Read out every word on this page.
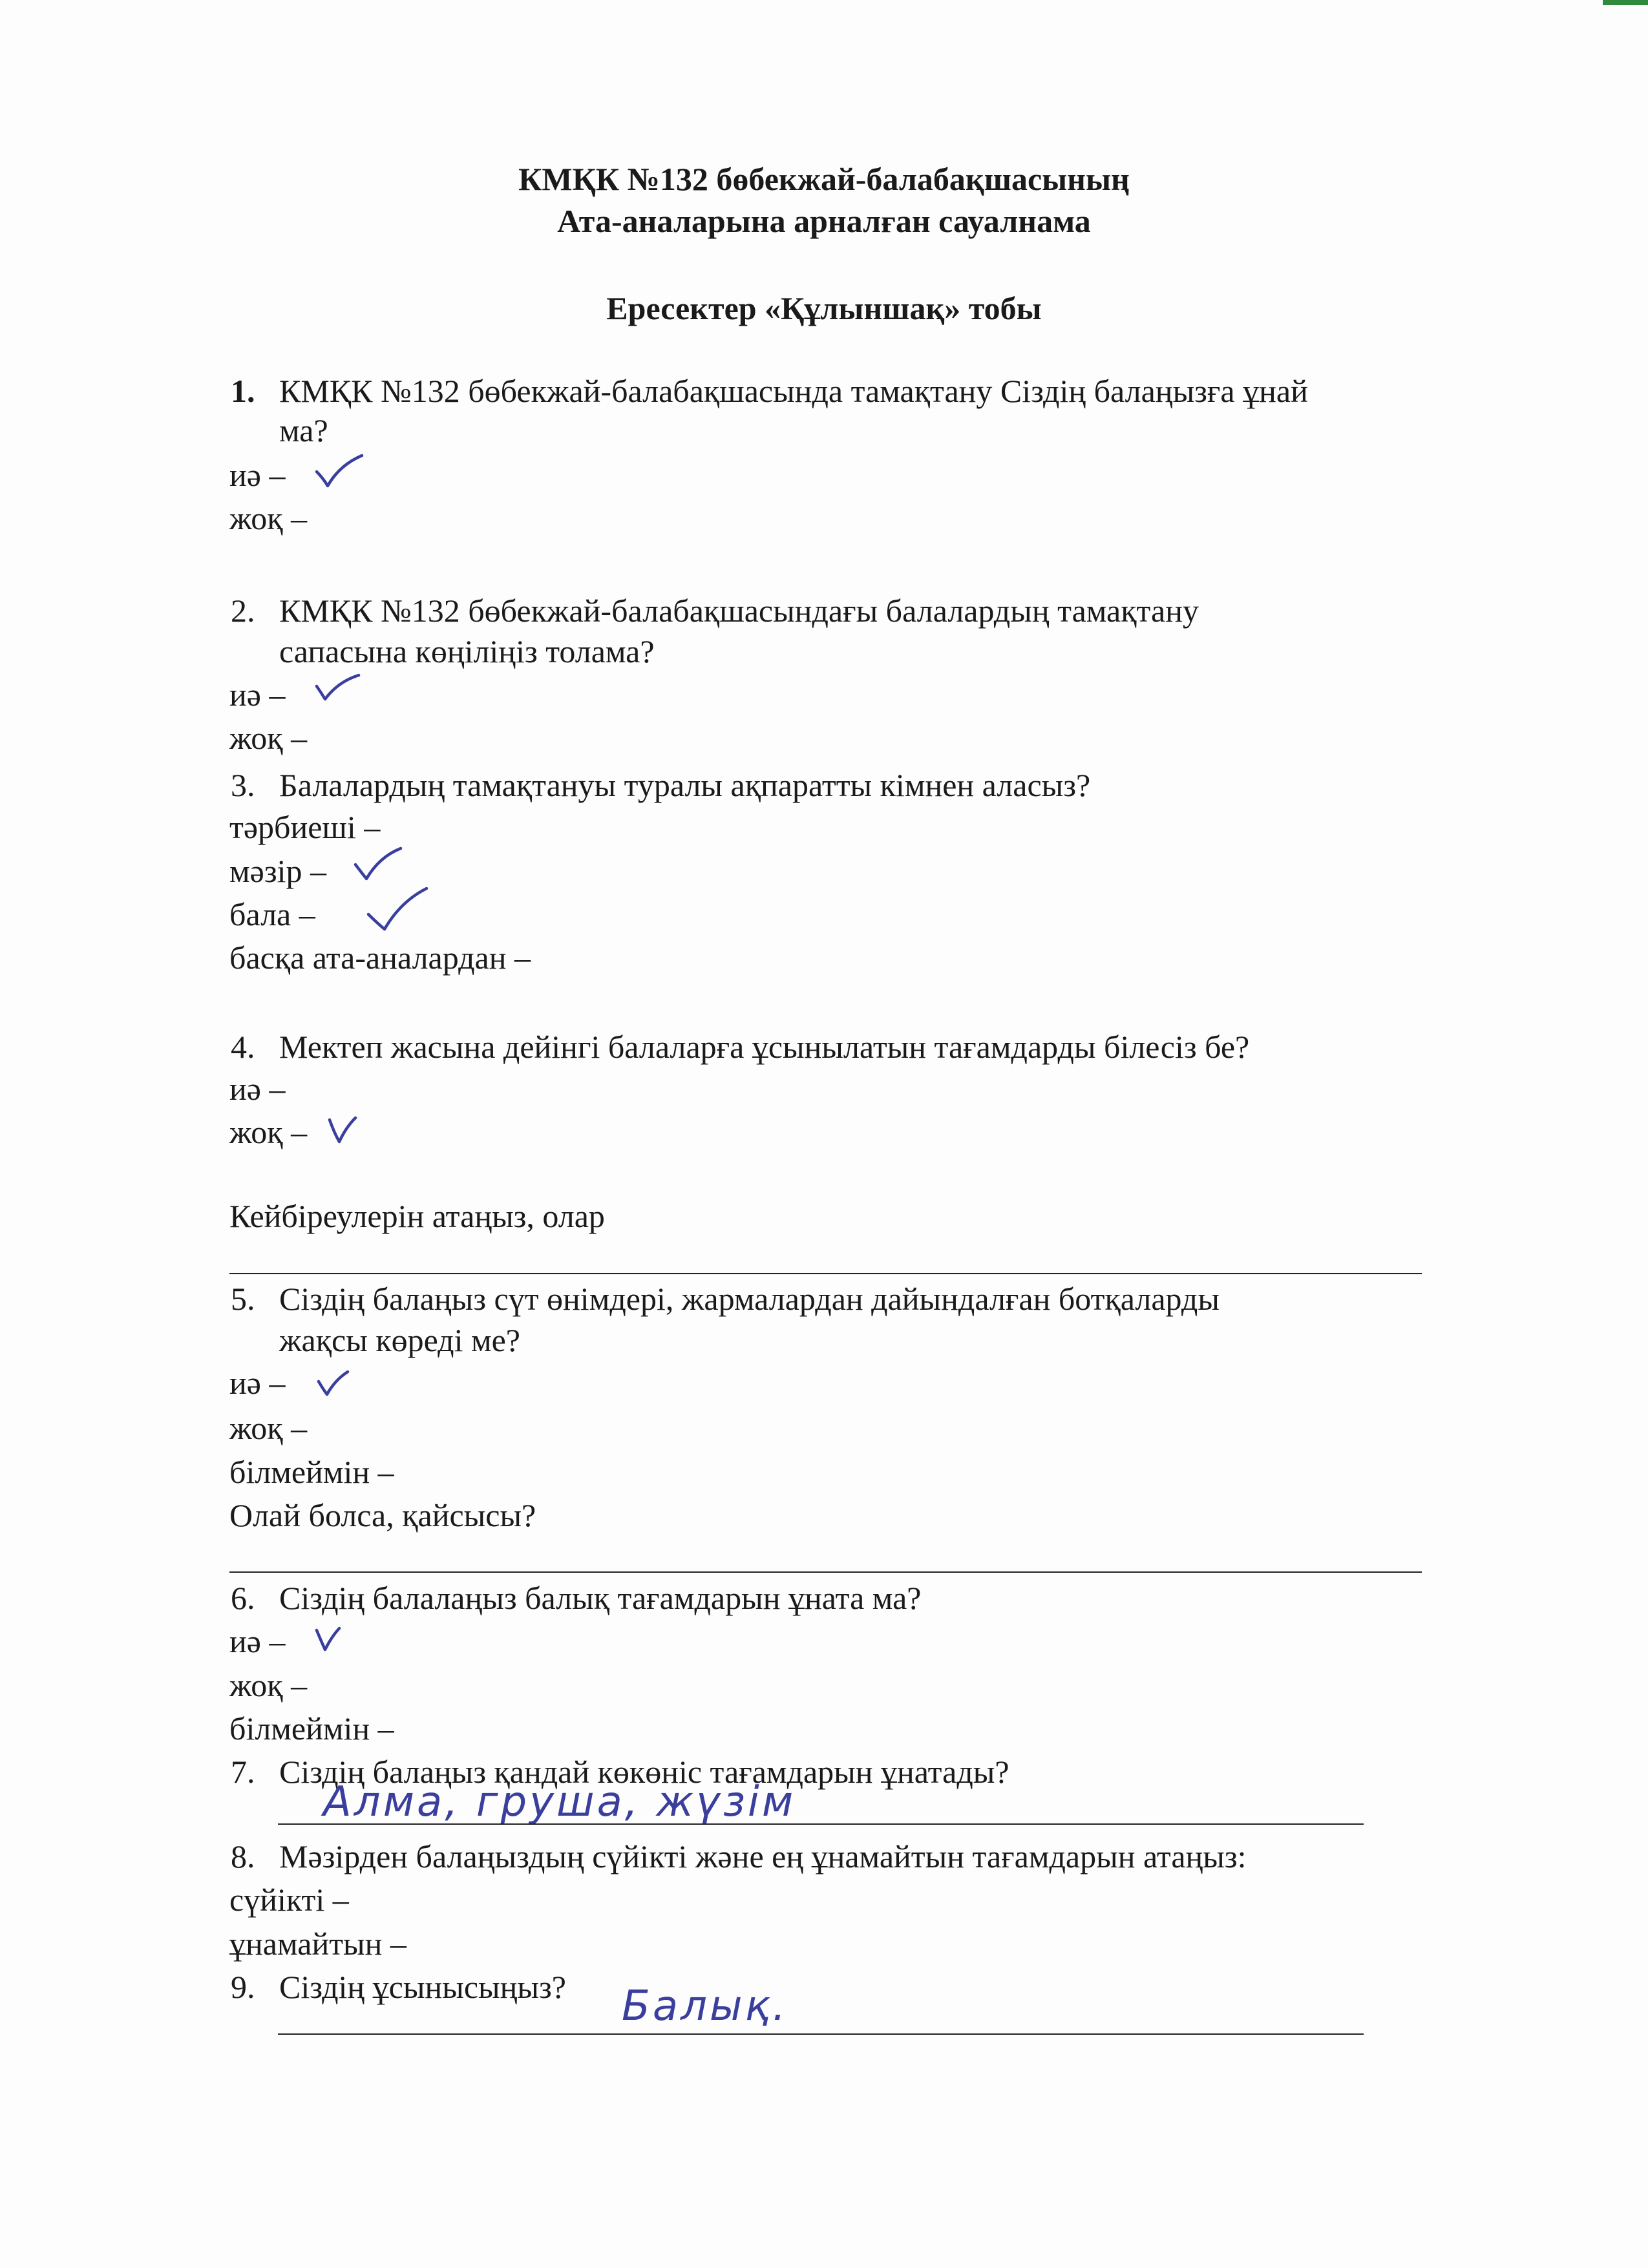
КМҚК №132 бөбекжай-балабақшасының
Ата-аналарына арналған сауалнама
Ересектер «Құлыншақ» тобы
1. КМҚК №132 бөбекжай-балабақшасында тамақтану Сіздің балаңызға ұнай
ма?
иә –
жоқ –
2. КМҚК №132 бөбекжай-балабақшасындағы балалардың тамақтану
сапасына көңіліңіз толама?
иә –
жоқ –
3. Балалардың тамақтануы туралы ақпаратты кімнен аласыз?
тәрбиеші –
мәзір –
бала –
басқа ата-аналардан –
4. Мектеп жасына дейінгі балаларға ұсынылатын тағамдарды білесіз бе?
иә –
жоқ –
Кейбіреулерін атаңыз, олар
5. Сіздің балаңыз сүт өнімдері, жармалардан дайындалған ботқаларды
жақсы көреді ме?
иә –
жоқ –
білмеймін –
Олай болса, қайсысы?
6. Сіздің балалаңыз балық тағамдарын ұната ма?
иә –
жоқ –
білмеймін –
7. Сіздің балаңыз қандай көкөніс тағамдарын ұнатады?
Алма, груша, жүзім
8. Мәзірден балаңыздың сүйікті және ең ұнамайтын тағамдарын атаңыз:
сүйікті –
ұнамайтын –
9. Сіздің ұсынысыңыз? Балық.
